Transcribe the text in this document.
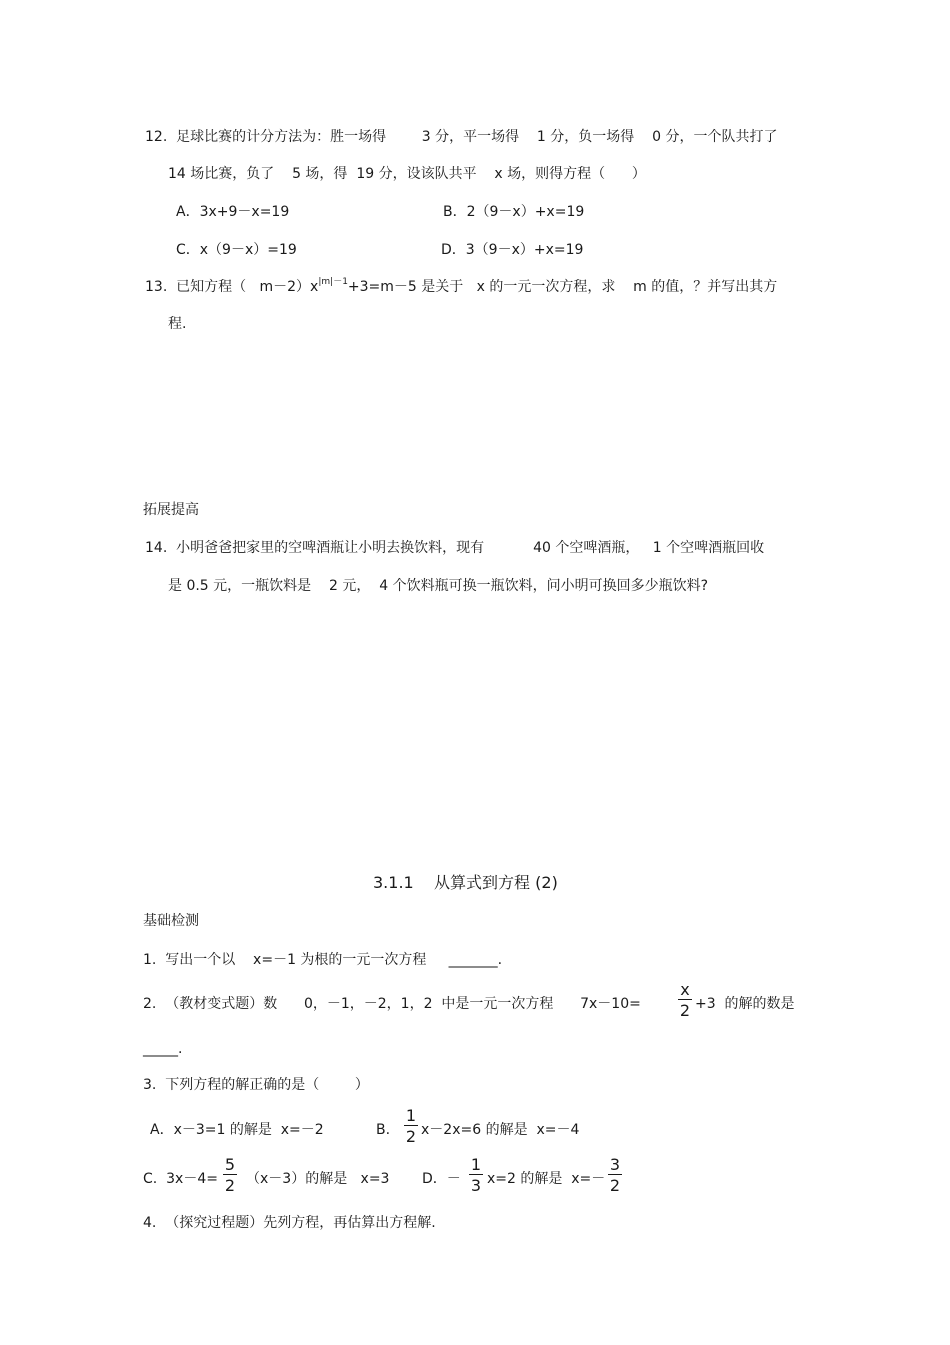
12.  足球比赛的计分方法为：胜一场得        3 分，平一场得    1 分，负一场得    0 分，一个队共打了
14 场比赛，负了    5 场，得  19 分，设该队共平    x 场，则得方程（      ）
A．3x+9－x=19	B．2（9－x）+x=19
C．x（9－x）=19	D．3（9－x）+x=19
13.  已知方程（   $m-2)x^{|m|-1}+3=m-5$ 是关于   x 的一元一次方程，求    m 的值，？并写出其方
程.
拓展提高
14.  小明爸爸把家里的空啤酒瓶让小明去换饮料，现有           40 个空啤酒瓶，   1 个空啤酒瓶回收
是 0.5 元，一瓶饮料是    2 元，  4 个饮料瓶可换一瓶饮料，问小明可换回多少瓶饮料?
3.1.1    从算式到方程 (2)
基础检测
1.  写出一个以    x=－1 为根的一元一次方程     _______.
2.  （教材变式题）数      0，－1，－2，1，2  中是一元一次方程      7x－10=
x
2 +3  的解的数是
_____.
3.  下列方程的解正确的是（        ）
A．x－3=1 的解是  x=－2	B.
1
2 x－2x=6 的解是  x=－4
C.  3x－4=
5
2 （x－3）的解是   x=3 D．－
1
3 x=2 的解是  x=－
3
2
4.  （探究过程题）先列方程，再估算出方程解.
